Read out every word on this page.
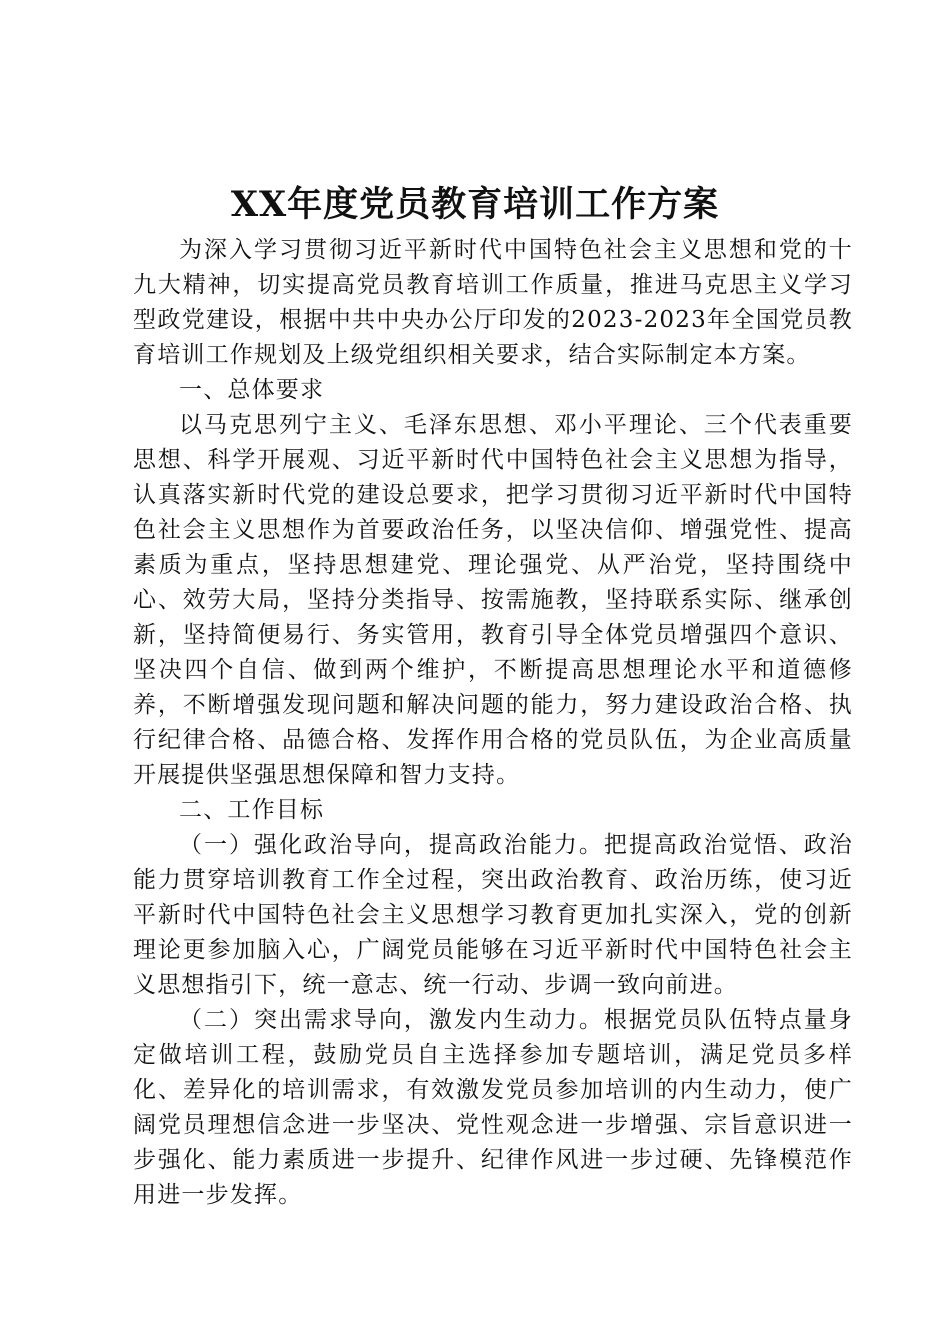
XX年度党员教育培训工作方案

为深入学习贯彻习近平新时代中国特色社会主义思想和党的十九大精神，切实提高党员教育培训工作质量，推进马克思主义学习型政党建设，根据中共中央办公厅印发的2023-2023年全国党员教育培训工作规划及上级党组织相关要求，结合实际制定本方案。

一、总体要求

以马克思列宁主义、毛泽东思想、邓小平理论、三个代表重要思想、科学开展观、习近平新时代中国特色社会主义思想为指导，认真落实新时代党的建设总要求，把学习贯彻习近平新时代中国特色社会主义思想作为首要政治任务，以坚决信仰、增强党性、提高素质为重点，坚持思想建党、理论强党、从严治党，坚持围绕中心、效劳大局，坚持分类指导、按需施教，坚持联系实际、继承创新，坚持简便易行、务实管用，教育引导全体党员增强四个意识、坚决四个自信、做到两个维护，不断提高思想理论水平和道德修养，不断增强发现问题和解决问题的能力，努力建设政治合格、执行纪律合格、品德合格、发挥作用合格的党员队伍，为企业高质量开展提供坚强思想保障和智力支持。

二、工作目标

（一）强化政治导向，提高政治能力。把提高政治觉悟、政治能力贯穿培训教育工作全过程，突出政治教育、政治历练，使习近平新时代中国特色社会主义思想学习教育更加扎实深入，党的创新理论更参加脑入心，广阔党员能够在习近平新时代中国特色社会主义思想指引下，统一意志、统一行动、步调一致向前进。

（二）突出需求导向，激发内生动力。根据党员队伍特点量身定做培训工程，鼓励党员自主选择参加专题培训，满足党员多样化、差异化的培训需求，有效激发党员参加培训的内生动力，使广阔党员理想信念进一步坚决、党性观念进一步增强、宗旨意识进一步强化、能力素质进一步提升、纪律作风进一步过硬、先锋模范作用进一步发挥。
